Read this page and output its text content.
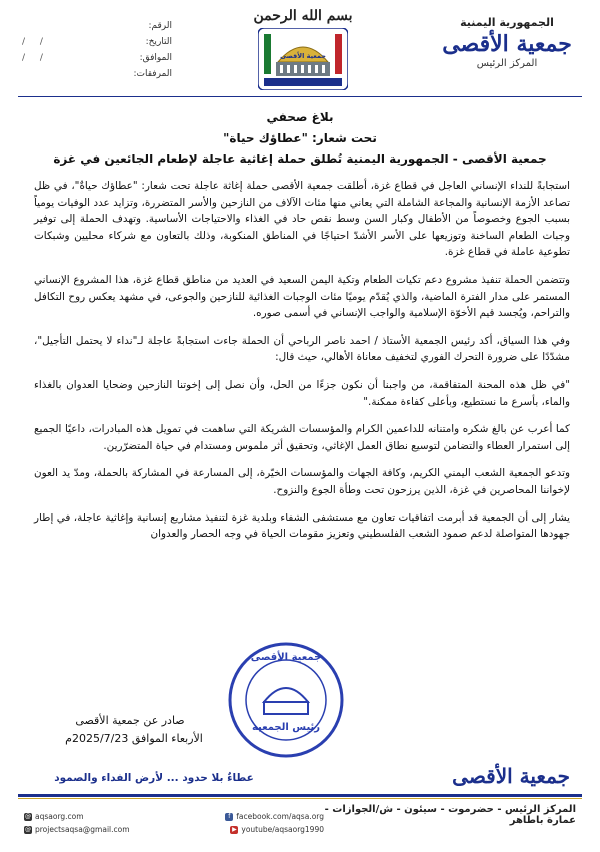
الجمهورية اليمنية
جمعية الأقصى
المركز الرئيس
بسم الله الرحمن
جمعية الأقصى
الرقم:
التاريخ:
/ /
الموافق:
/ /
المرفقات:
بلاغ صحفي
تحت شعار: "عطاؤك حياة"
جمعية الأقصى - الجمهورية اليمنية تُطلق حملة إغاثية عاجلة لإطعام الجائعين في غزة

استجابةً للنداء الإنساني العاجل في قطاع غزة، أطلقت جمعية الأقصى حملة إغاثة عاجلة تحت شعار: "عطاؤك حياةٌ"، في ظل تصاعد الأزمة الإنسانية والمجاعة الشاملة التي يعاني منها مئات الآلاف من النازحين والأسر المتضررة، وتزايد عدد الوفيات يومياً بسبب الجوع وخصوصاً من الأطفال وكبار السن وسط نقص حاد في الغذاء والاحتياجات الأساسية. وتهدف الحملة إلى توفير وجبات الطعام الساخنة وتوزيعها على الأسر الأشدّ احتياجًا في المناطق المنكوبة، وذلك بالتعاون مع شركاء محليين وشبكات تطوعية عاملة في قطاع غزة.

وتتضمن الحملة تنفيذ مشروع دعم تكيات الطعام وتكية اليمن السعيد في العديد من مناطق قطاع غزة، هذا المشروع الإنساني المستمر على مدار الفترة الماضية، والذي يُقدّم يوميًا مئات الوجبات الغذائية للنازحين والجوعى، في مشهد يعكس روح التكافل والتراحم، ويُجسد قيم الأخوّة الإسلامية والواجب الإنساني في أسمى صوره.

وفي هذا السياق، أكد رئيس الجمعية الأستاذ / احمد ناصر الرباحي أن الحملة جاءت استجابةً عاجلة لـ"نداء لا يحتمل التأجيل"، مشدّدًا على ضرورة التحرك الفوري لتخفيف معاناة الأهالي، حيث قال:

"في ظل هذه المحنة المتفاقمة، من واجبنا أن نكون جزءًا من الحل، وأن نصل إلى إخوتنا النازحين وضحايا العدوان بالغذاء والماء، بأسرع ما نستطيع، وبأعلى كفاءة ممكنة."

كما أعرب عن بالغ شكره وامتنانه للداعمين الكرام والمؤسسات الشريكة التي ساهمت في تمويل هذه المبادرات، داعيًا الجميع إلى استمرار العطاء والتضامن لتوسيع نطاق العمل الإغاثي، وتحقيق أثر ملموس ومستدام في حياة المتضرّرين.

وتدعو الجمعية الشعب اليمني الكريم، وكافة الجهات والمؤسسات الخيّرة، إلى المسارعة في المشاركة بالحملة، ومدّ يد العون لإخواننا المحاصرين في غزة، الذين يرزحون تحت وطأة الجوع والنزوح.

يشار إلى أن الجمعية قد أبرمت اتفاقيات تعاون مع مستشفى الشفاء وبلدية غزة لتنفيذ مشاريع إنسانية وإغاثية عاجلة، في إطار جهودها المتواصلة لدعم صمود الشعب الفلسطيني وتعزيز مقومات الحياة في وجه الحصار والعدوان

جمعية الأقصى
رئيس الجمعية
صادر عن جمعية الأقصى
الأربعاء الموافق 2025/7/23م
جمعية الأقصى
عطاءٌ بلا حدود ... لأرض الفداء والصمود
المركز الرئيس - حضرموت - سيئون - ش/الجوازات - عمارة باطاهر
@ aqsaorg.com	f facebook.com/aqsa.org
@ projectsaqsa@gmail.com	▶ youtube/aqsaorg1990
